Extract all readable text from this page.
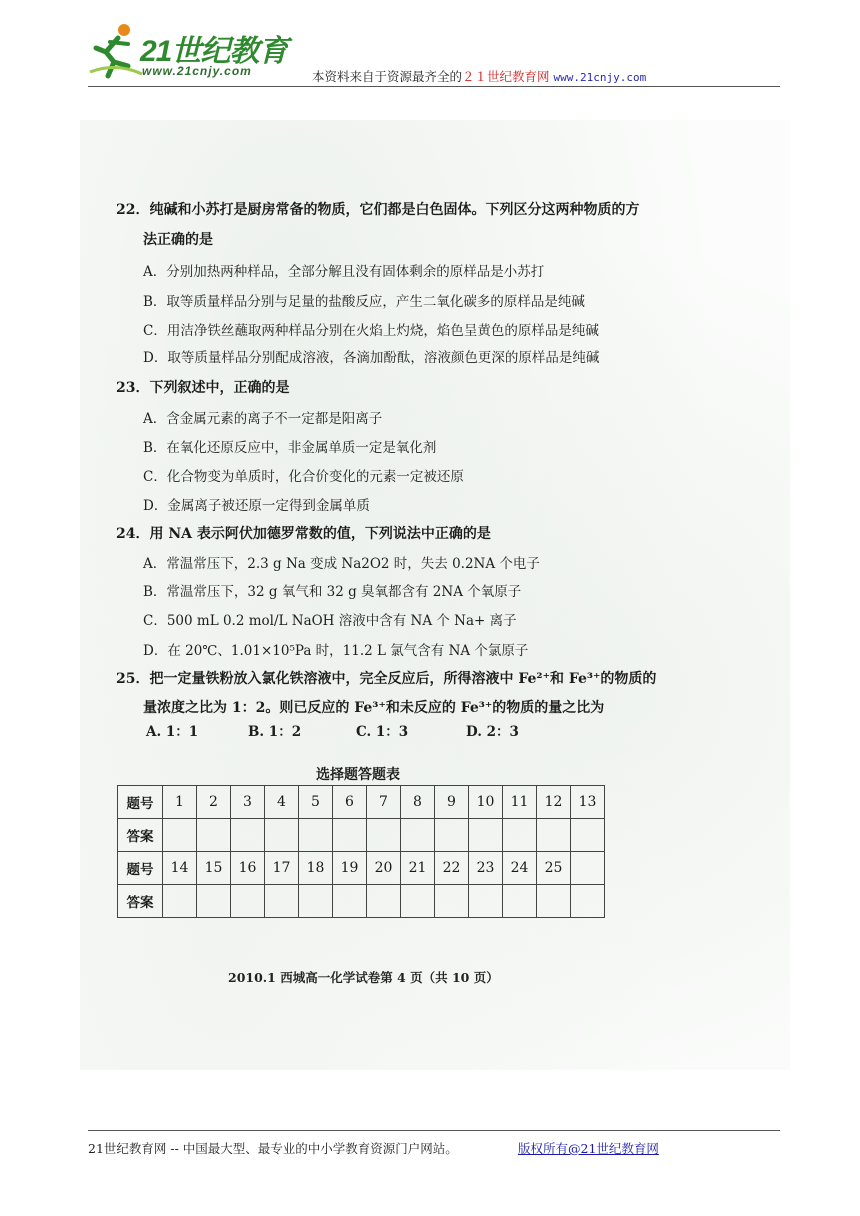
21世纪教育
www.21cnjy.com	本资料来自于资源最齐全的２１世纪教育网 www.21cnjy.com
22．纯碱和小苏打是厨房常备的物质，它们都是白色固体。下列区分这两种物质的方
法正确的是
A．分别加热两种样品，全部分解且没有固体剩余的原样品是小苏打
B．取等质量样品分别与足量的盐酸反应，产生二氧化碳多的原样品是纯碱
C．用洁净铁丝蘸取两种样品分别在火焰上灼烧，焰色呈黄色的原样品是纯碱
D．取等质量样品分别配成溶液，各滴加酚酞，溶液颜色更深的原样品是纯碱
23．下列叙述中，正确的是
A．含金属元素的离子不一定都是阳离子
B．在氧化还原反应中，非金属单质一定是氧化剂
C．化合物变为单质时，化合价变化的元素一定被还原
D．金属离子被还原一定得到金属单质
24．用 NA 表示阿伏加德罗常数的值，下列说法中正确的是
A．常温常压下，2.3 g Na 变成 Na2O2 时，失去 0.2NA 个电子
B．常温常压下，32 g 氧气和 32 g 臭氧都含有 2NA 个氧原子
C．500 mL 0.2 mol/L NaOH 溶液中含有 NA 个 Na+ 离子
D．在 20℃、1.01×10⁵Pa 时，11.2 L 氯气含有 NA 个氯原子
25．把一定量铁粉放入氯化铁溶液中，完全反应后，所得溶液中 Fe²⁺和 Fe³⁺的物质的
量浓度之比为 1：2。则已反应的 Fe³⁺和未反应的 Fe³⁺的物质的量之比为
A. 1：1	B. 1：2	C. 1：3	D. 2：3
选择题答题表
题号	1	2	3	4	5	6	7	8	9	10	11	12	13
答案													
题号	14	15	16	17	18	19	20	21	22	23	24	25	
答案													
2010.1 西城高一化学试卷第 4 页（共 10 页）
21世纪教育网 -- 中国最大型、最专业的中小学教育资源门户网站。	版权所有@21世纪教育网
